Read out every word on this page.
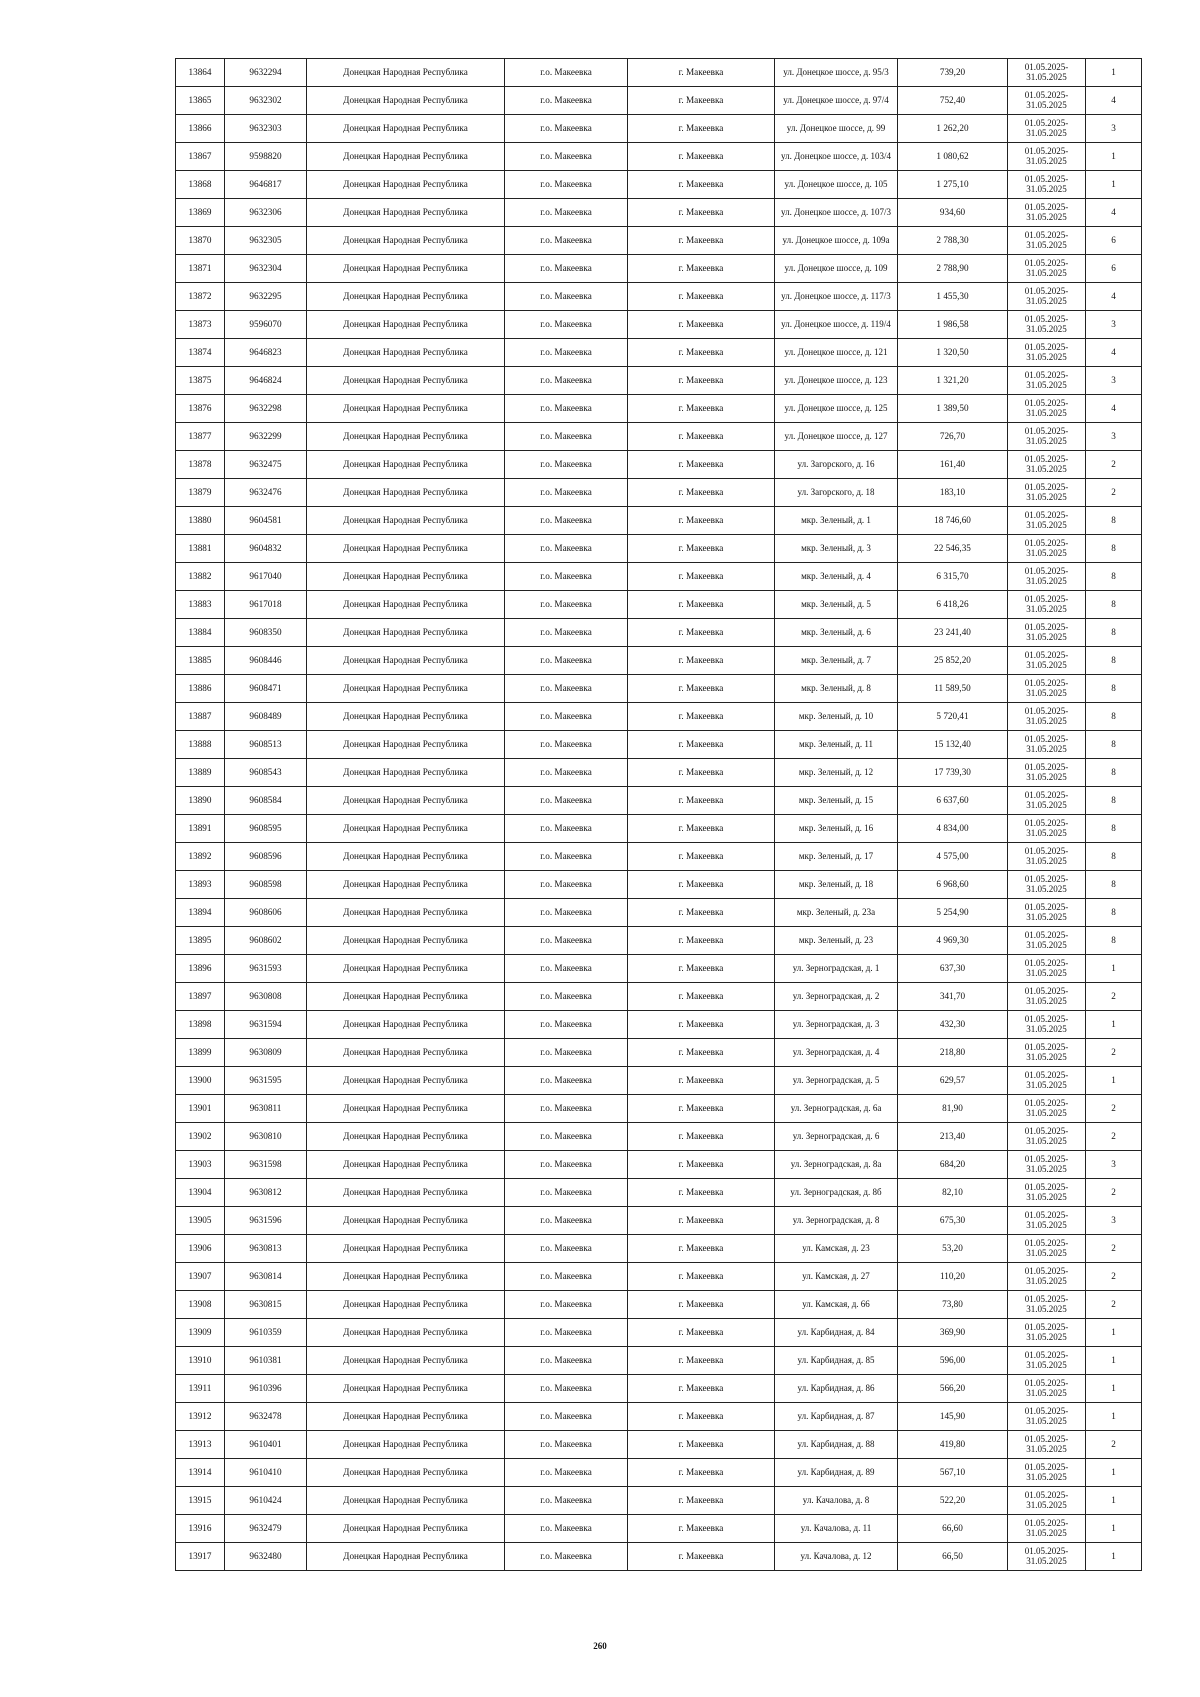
13864	9632294	Донецкая Народная Республика	г.о. Макеевка	г. Макеевка	ул. Донецкое шоссе, д. 95/3	739,20	01.05.2025-31.05.2025	1
13865	9632302	Донецкая Народная Республика	г.о. Макеевка	г. Макеевка	ул. Донецкое шоссе, д. 97/4	752,40	01.05.2025-31.05.2025	4
13866	9632303	Донецкая Народная Республика	г.о. Макеевка	г. Макеевка	ул. Донецкое шоссе, д. 99	1 262,20	01.05.2025-31.05.2025	3
13867	9598820	Донецкая Народная Республика	г.о. Макеевка	г. Макеевка	ул. Донецкое шоссе, д. 103/4	1 080,62	01.05.2025-31.05.2025	1
13868	9646817	Донецкая Народная Республика	г.о. Макеевка	г. Макеевка	ул. Донецкое шоссе, д. 105	1 275,10	01.05.2025-31.05.2025	1
13869	9632306	Донецкая Народная Республика	г.о. Макеевка	г. Макеевка	ул. Донецкое шоссе, д. 107/3	934,60	01.05.2025-31.05.2025	4
13870	9632305	Донецкая Народная Республика	г.о. Макеевка	г. Макеевка	ул. Донецкое шоссе, д. 109а	2 788,30	01.05.2025-31.05.2025	6
13871	9632304	Донецкая Народная Республика	г.о. Макеевка	г. Макеевка	ул. Донецкое шоссе, д. 109	2 788,90	01.05.2025-31.05.2025	6
13872	9632295	Донецкая Народная Республика	г.о. Макеевка	г. Макеевка	ул. Донецкое шоссе, д. 117/3	1 455,30	01.05.2025-31.05.2025	4
13873	9596070	Донецкая Народная Республика	г.о. Макеевка	г. Макеевка	ул. Донецкое шоссе, д. 119/4	1 986,58	01.05.2025-31.05.2025	3
13874	9646823	Донецкая Народная Республика	г.о. Макеевка	г. Макеевка	ул. Донецкое шоссе, д. 121	1 320,50	01.05.2025-31.05.2025	4
13875	9646824	Донецкая Народная Республика	г.о. Макеевка	г. Макеевка	ул. Донецкое шоссе, д. 123	1 321,20	01.05.2025-31.05.2025	3
13876	9632298	Донецкая Народная Республика	г.о. Макеевка	г. Макеевка	ул. Донецкое шоссе, д. 125	1 389,50	01.05.2025-31.05.2025	4
13877	9632299	Донецкая Народная Республика	г.о. Макеевка	г. Макеевка	ул. Донецкое шоссе, д. 127	726,70	01.05.2025-31.05.2025	3
13878	9632475	Донецкая Народная Республика	г.о. Макеевка	г. Макеевка	ул. Загорского, д. 16	161,40	01.05.2025-31.05.2025	2
13879	9632476	Донецкая Народная Республика	г.о. Макеевка	г. Макеевка	ул. Загорского, д. 18	183,10	01.05.2025-31.05.2025	2
13880	9604581	Донецкая Народная Республика	г.о. Макеевка	г. Макеевка	мкр. Зеленый, д. 1	18 746,60	01.05.2025-31.05.2025	8
13881	9604832	Донецкая Народная Республика	г.о. Макеевка	г. Макеевка	мкр. Зеленый, д. 3	22 546,35	01.05.2025-31.05.2025	8
13882	9617040	Донецкая Народная Республика	г.о. Макеевка	г. Макеевка	мкр. Зеленый, д. 4	6 315,70	01.05.2025-31.05.2025	8
13883	9617018	Донецкая Народная Республика	г.о. Макеевка	г. Макеевка	мкр. Зеленый, д. 5	6 418,26	01.05.2025-31.05.2025	8
13884	9608350	Донецкая Народная Республика	г.о. Макеевка	г. Макеевка	мкр. Зеленый, д. 6	23 241,40	01.05.2025-31.05.2025	8
13885	9608446	Донецкая Народная Республика	г.о. Макеевка	г. Макеевка	мкр. Зеленый, д. 7	25 852,20	01.05.2025-31.05.2025	8
13886	9608471	Донецкая Народная Республика	г.о. Макеевка	г. Макеевка	мкр. Зеленый, д. 8	11 589,50	01.05.2025-31.05.2025	8
13887	9608489	Донецкая Народная Республика	г.о. Макеевка	г. Макеевка	мкр. Зеленый, д. 10	5 720,41	01.05.2025-31.05.2025	8
13888	9608513	Донецкая Народная Республика	г.о. Макеевка	г. Макеевка	мкр. Зеленый, д. 11	15 132,40	01.05.2025-31.05.2025	8
13889	9608543	Донецкая Народная Республика	г.о. Макеевка	г. Макеевка	мкр. Зеленый, д. 12	17 739,30	01.05.2025-31.05.2025	8
13890	9608584	Донецкая Народная Республика	г.о. Макеевка	г. Макеевка	мкр. Зеленый, д. 15	6 637,60	01.05.2025-31.05.2025	8
13891	9608595	Донецкая Народная Республика	г.о. Макеевка	г. Макеевка	мкр. Зеленый, д. 16	4 834,00	01.05.2025-31.05.2025	8
13892	9608596	Донецкая Народная Республика	г.о. Макеевка	г. Макеевка	мкр. Зеленый, д. 17	4 575,00	01.05.2025-31.05.2025	8
13893	9608598	Донецкая Народная Республика	г.о. Макеевка	г. Макеевка	мкр. Зеленый, д. 18	6 968,60	01.05.2025-31.05.2025	8
13894	9608606	Донецкая Народная Республика	г.о. Макеевка	г. Макеевка	мкр. Зеленый, д. 23а	5 254,90	01.05.2025-31.05.2025	8
13895	9608602	Донецкая Народная Республика	г.о. Макеевка	г. Макеевка	мкр. Зеленый, д. 23	4 969,30	01.05.2025-31.05.2025	8
13896	9631593	Донецкая Народная Республика	г.о. Макеевка	г. Макеевка	ул. Зерноградская, д. 1	637,30	01.05.2025-31.05.2025	1
13897	9630808	Донецкая Народная Республика	г.о. Макеевка	г. Макеевка	ул. Зерноградская, д. 2	341,70	01.05.2025-31.05.2025	2
13898	9631594	Донецкая Народная Республика	г.о. Макеевка	г. Макеевка	ул. Зерноградская, д. 3	432,30	01.05.2025-31.05.2025	1
13899	9630809	Донецкая Народная Республика	г.о. Макеевка	г. Макеевка	ул. Зерноградская, д. 4	218,80	01.05.2025-31.05.2025	2
13900	9631595	Донецкая Народная Республика	г.о. Макеевка	г. Макеевка	ул. Зерноградская, д. 5	629,57	01.05.2025-31.05.2025	1
13901	9630811	Донецкая Народная Республика	г.о. Макеевка	г. Макеевка	ул. Зерноградская, д. 6а	81,90	01.05.2025-31.05.2025	2
13902	9630810	Донецкая Народная Республика	г.о. Макеевка	г. Макеевка	ул. Зерноградская, д. 6	213,40	01.05.2025-31.05.2025	2
13903	9631598	Донецкая Народная Республика	г.о. Макеевка	г. Макеевка	ул. Зерноградская, д. 8а	684,20	01.05.2025-31.05.2025	3
13904	9630812	Донецкая Народная Республика	г.о. Макеевка	г. Макеевка	ул. Зерноградская, д. 8б	82,10	01.05.2025-31.05.2025	2
13905	9631596	Донецкая Народная Республика	г.о. Макеевка	г. Макеевка	ул. Зерноградская, д. 8	675,30	01.05.2025-31.05.2025	3
13906	9630813	Донецкая Народная Республика	г.о. Макеевка	г. Макеевка	ул. Камская, д. 23	53,20	01.05.2025-31.05.2025	2
13907	9630814	Донецкая Народная Республика	г.о. Макеевка	г. Макеевка	ул. Камская, д. 27	110,20	01.05.2025-31.05.2025	2
13908	9630815	Донецкая Народная Республика	г.о. Макеевка	г. Макеевка	ул. Камская, д. 66	73,80	01.05.2025-31.05.2025	2
13909	9610359	Донецкая Народная Республика	г.о. Макеевка	г. Макеевка	ул. Карбидная, д. 84	369,90	01.05.2025-31.05.2025	1
13910	9610381	Донецкая Народная Республика	г.о. Макеевка	г. Макеевка	ул. Карбидная, д. 85	596,00	01.05.2025-31.05.2025	1
13911	9610396	Донецкая Народная Республика	г.о. Макеевка	г. Макеевка	ул. Карбидная, д. 86	566,20	01.05.2025-31.05.2025	1
13912	9632478	Донецкая Народная Республика	г.о. Макеевка	г. Макеевка	ул. Карбидная, д. 87	145,90	01.05.2025-31.05.2025	1
13913	9610401	Донецкая Народная Республика	г.о. Макеевка	г. Макеевка	ул. Карбидная, д. 88	419,80	01.05.2025-31.05.2025	2
13914	9610410	Донецкая Народная Республика	г.о. Макеевка	г. Макеевка	ул. Карбидная, д. 89	567,10	01.05.2025-31.05.2025	1
13915	9610424	Донецкая Народная Республика	г.о. Макеевка	г. Макеевка	ул. Качалова, д. 8	522,20	01.05.2025-31.05.2025	1
13916	9632479	Донецкая Народная Республика	г.о. Макеевка	г. Макеевка	ул. Качалова, д. 11	66,60	01.05.2025-31.05.2025	1
13917	9632480	Донецкая Народная Республика	г.о. Макеевка	г. Макеевка	ул. Качалова, д. 12	66,50	01.05.2025-31.05.2025	1
260
